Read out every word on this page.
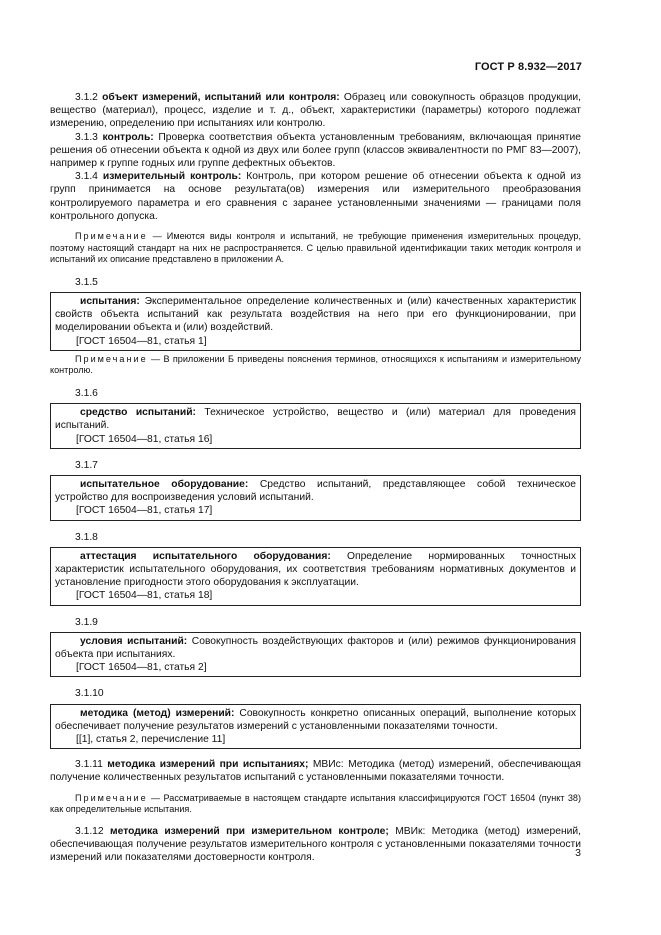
ГОСТ Р 8.932—2017

3.1.2 объект измерений, испытаний или контроля: Образец или совокупность образцов продукции, вещество (материал), процесс, изделие и т. д., объект, характеристики (параметры) которого подлежат измерению, определению при испытаниях или контролю.

3.1.3 контроль: Проверка соответствия объекта установленным требованиям, включающая принятие решения об отнесении объекта к одной из двух или более групп (классов эквивалентности по РМГ 83—2007), например к группе годных или группе дефектных объектов.

3.1.4 измерительный контроль: Контроль, при котором решение об отнесении объекта к одной из групп принимается на основе результата(ов) измерения или измерительного преобразования контролируемого параметра и его сравнения с заранее установленными значениями — границами поля контрольного допуска.

Примечание — Имеются виды контроля и испытаний, не требующие применения измерительных процедур, поэтому настоящий стандарт на них не распространяется. С целью правильной идентификации таких методик контроля и испытаний их описание представлено в приложении А.

3.1.5

испытания: Экспериментальное определение количественных и (или) качественных характеристик свойств объекта испытаний как результата воздействия на него при его функционировании, при моделировании объекта и (или) воздействий.

[ГОСТ 16504—81, статья 1]

Примечание — В приложении Б приведены пояснения терминов, относящихся к испытаниям и измерительному контролю.

3.1.6

средство испытаний: Техническое устройство, вещество и (или) материал для проведения испытаний.

[ГОСТ 16504—81, статья 16]

3.1.7

испытательное оборудование: Средство испытаний, представляющее собой техническое устройство для воспроизведения условий испытаний.

[ГОСТ 16504—81, статья 17]

3.1.8

аттестация испытательного оборудования: Определение нормированных точностных характеристик испытательного оборудования, их соответствия требованиям нормативных документов и установление пригодности этого оборудования к эксплуатации.

[ГОСТ 16504—81, статья 18]

3.1.9

условия испытаний: Совокупность воздействующих факторов и (или) режимов функционирования объекта при испытаниях.

[ГОСТ 16504—81, статья 2]

3.1.10

методика (метод) измерений: Совокупность конкретно описанных операций, выполнение которых обеспечивает получение результатов измерений с установленными показателями точности.

[[1], статья 2, перечисление 11]

3.1.11 методика измерений при испытаниях; МВИс: Методика (метод) измерений, обеспечивающая получение количественных результатов испытаний с установленными показателями точности.

Примечание — Рассматриваемые в настоящем стандарте испытания классифицируются ГОСТ 16504 (пункт 38) как определительные испытания.

3.1.12 методика измерений при измерительном контроле; МВИк: Методика (метод) измерений, обеспечивающая получение результатов измерительного контроля с установленными показателями точности измерений или показателями достоверности контроля.	3
